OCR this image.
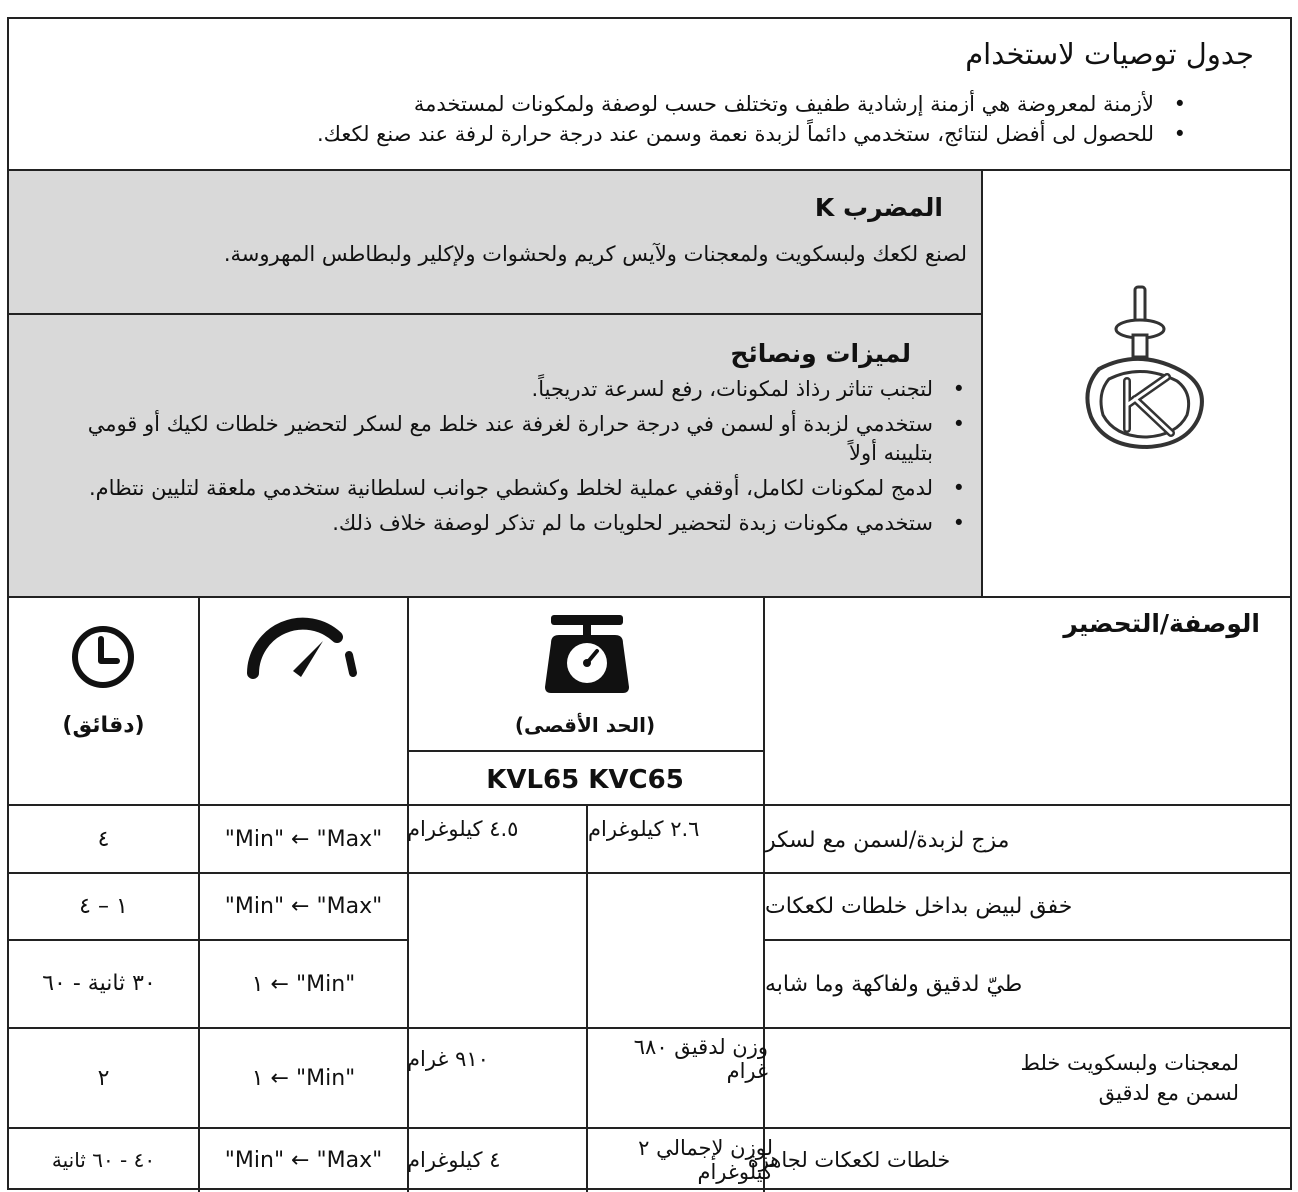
جدول توصيات لاستخدام
• لأزمنة لمعروضة هي أزمنة إرشادية طفيف وتختلف حسب لوصفة ولمكونات لمستخدمة
• للحصول لى أفضل لنتائج، ستخدمي دائماً لزبدة نعمة وسمن عند درجة حرارة لرفة عند صنع لكعك.
المضرب K
لصنع لكعك ولبسكويت ولمعجنات ولآيس كريم ولحشوات ولإكلير ولبطاطس المهروسة.
لميزات ونصائح
• لتجنب تناثر رذاذ لمكونات، رفع لسرعة تدريجياً.
• ستخدمي لزبدة أو لسمن في درجة حرارة لغرفة عند خلط مع لسكر لتحضير خلطات لكيك أو قومي بتليينه أولاً
• لدمج لمكونات لكامل، أوقفي عملية لخلط وكشطي جوانب لسلطانية ستخدمي ملعقة لتليين نتظام.
• ستخدمي مكونات زبدة لتحضير لحلويات ما لم تذكر لوصفة خلاف ذلك.
الوصفة/التحضير
(الحد الأقصى)
KVL65 KVC65
(دقائق)
مزج لزبدة/لسمن مع لسكر
٢.٦ كيلوغرام
٤.٥ كيلوغرام
"Min" ← "Max"
٤
خفق لبيض بداخل خلطات لكعكات
"Min" ← "Max"
١ – ٤
طيّ لدقيق ولفاكهة وما شابه
"Min" ← ١
٣٠ ثانية - ٦٠
لمعجنات ولبسكويت خلط لسمن مع لدقيق
وزن لدقيق ٦٨٠ غرام
٩١٠ غرام
"Min" ← ١
٢
خلطات لكعكات لجاهزة
لوزن لإجمالي ٢ كيلوغرام
٤ كيلوغرام
"Min" ← "Max"
٤٠ - ٦٠ ثانية
